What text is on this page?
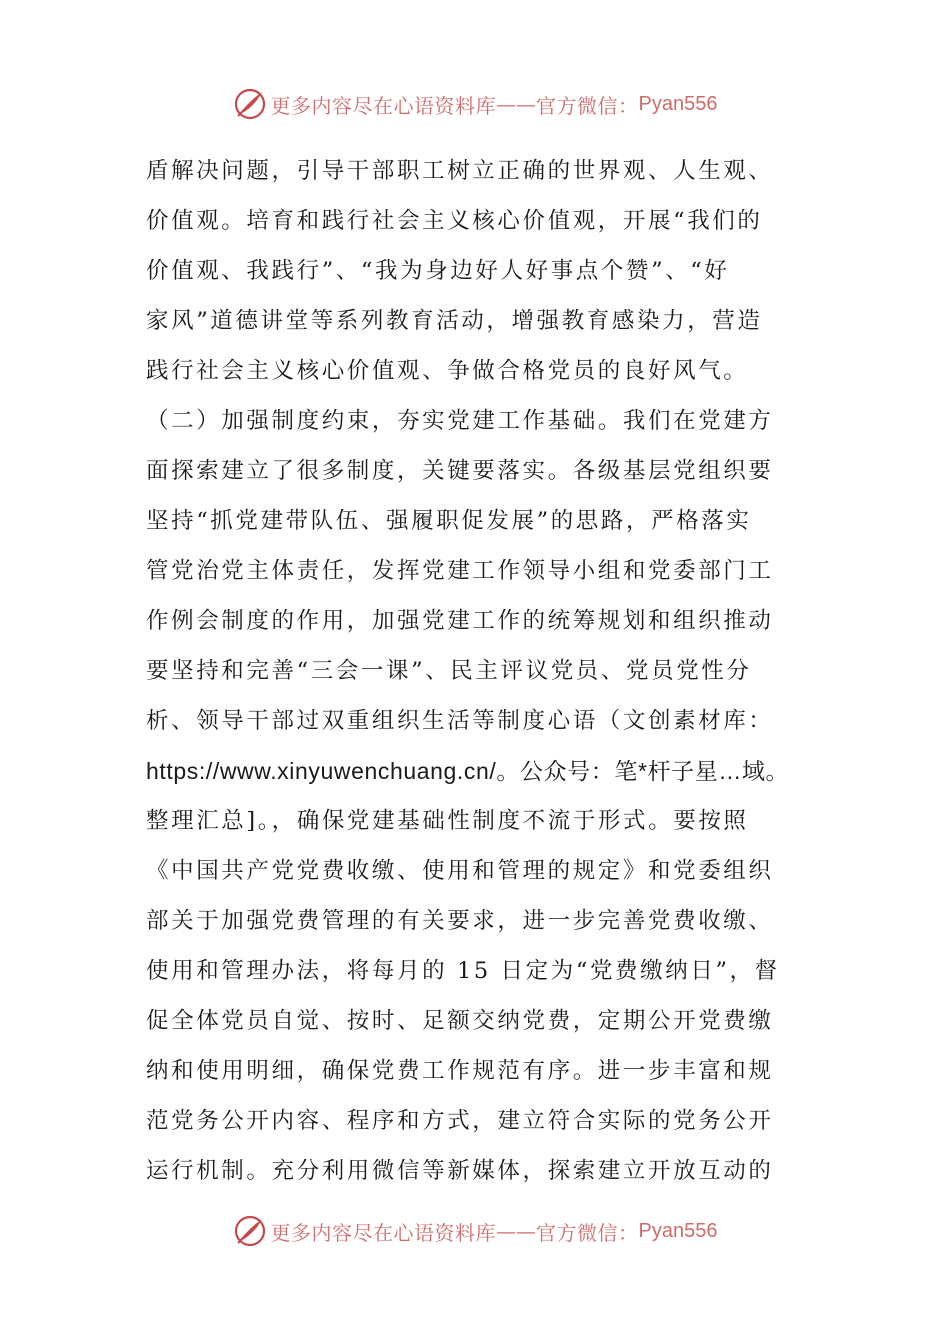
更多内容尽在心语资料库 —— 官方微信： Pyan556
盾解决问题，引导干部职工树立正确的世界观、人生观、
价值观。培育和践行社会主义核心价值观，开展“我们的
价值观、我践行”、“我为身边好人好事点个赞”、“好
家风”道德讲堂等系列教育活动，增强教育感染力，营造
践行社会主义核心价值观、争做合格党员的良好风气。
（二）加强制度约束，夯实党建工作基础。我们在党建方
面探索建立了很多制度，关键要落实。各级基层党组织要
坚持“抓党建带队伍、强履职促发展”的思路，严格落实
管党治党主体责任，发挥党建工作领导小组和党委部门工
作例会制度的作用，加强党建工作的统筹规划和组织推动
要坚持和完善“三会一课”、民主评议党员、党员党性分
析、领导干部过双重组织生活等制度心语（文创素材库：
https://www.xinyuwenchuang.cn/。公众号：笔*杆子星…域。
整理汇总]。，确保党建基础性制度不流于形式。要按照
《中国共产党党费收缴、使用和管理的规定》和党委组织
部关于加强党费管理的有关要求，进一步完善党费收缴、
使用和管理办法，将每月的 15 日定为“党费缴纳日”，督
促全体党员自觉、按时、足额交纳党费，定期公开党费缴
纳和使用明细，确保党费工作规范有序。进一步丰富和规
范党务公开内容、程序和方式，建立符合实际的党务公开
运行机制。充分利用微信等新媒体，探索建立开放互动的
更多内容尽在心语资料库 —— 官方微信： Pyan556
